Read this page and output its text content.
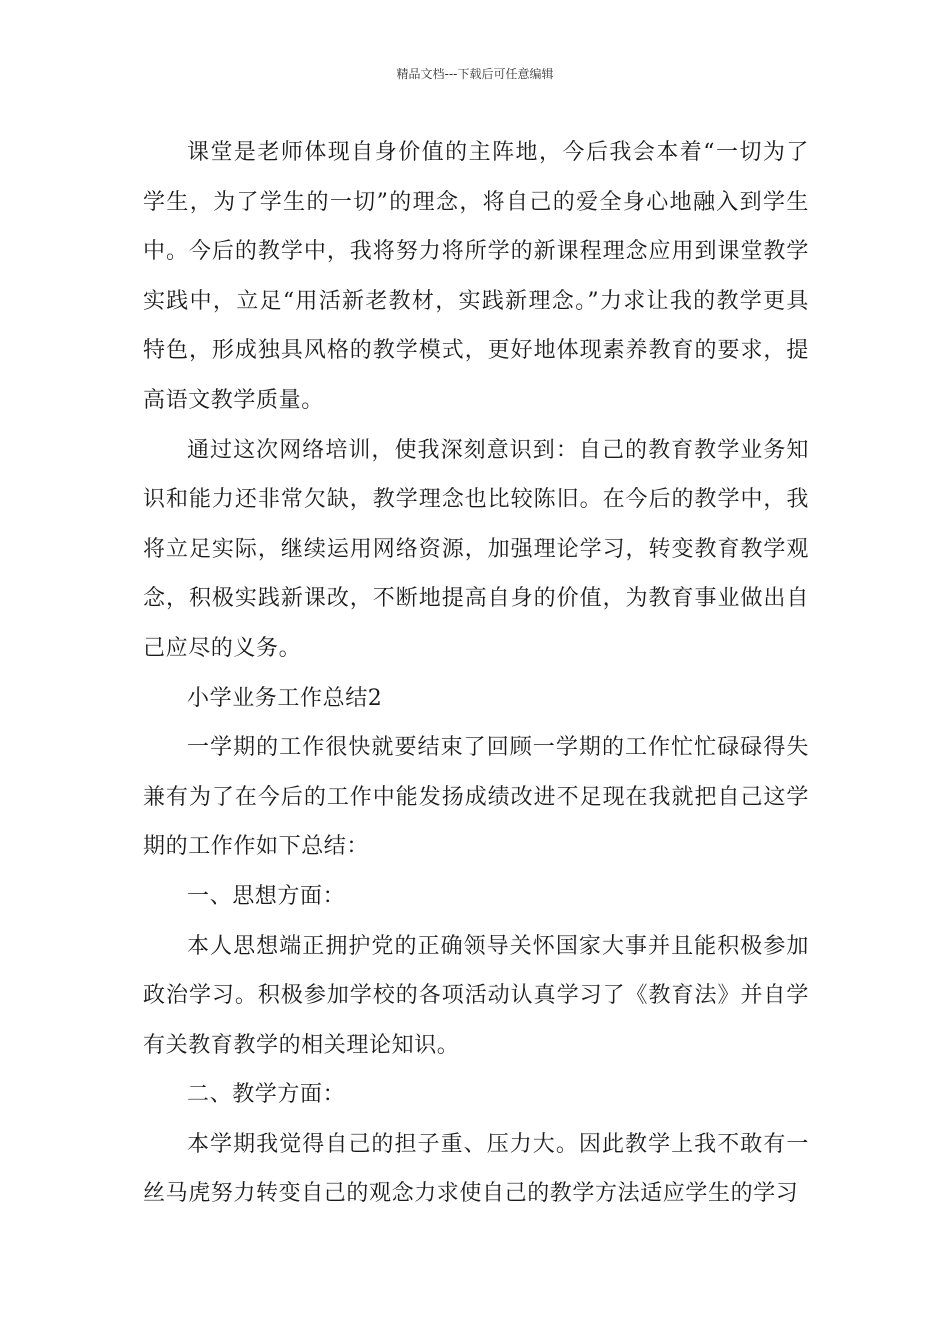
精品文档---下载后可任意编辑

课堂是老师体现自身价值的主阵地，今后我会本着“一切为了学生，为了学生的一切”的理念，将自己的爱全身心地融入到学生中。今后的教学中，我将努力将所学的新课程理念应用到课堂教学实践中，立足“用活新老教材，实践新理念。”力求让我的教学更具特色，形成独具风格的教学模式，更好地体现素养教育的要求，提高语文教学质量。

通过这次网络培训，使我深刻意识到：自己的教育教学业务知识和能力还非常欠缺，教学理念也比较陈旧。在今后的教学中，我将立足实际，继续运用网络资源，加强理论学习，转变教育教学观念，积极实践新课改，不断地提高自身的价值，为教育事业做出自己应尽的义务。

小学业务工作总结2

一学期的工作很快就要结束了回顾一学期的工作忙忙碌碌得失兼有为了在今后的工作中能发扬成绩改进不足现在我就把自己这学期的工作作如下总结：

一、思想方面：

本人思想端正拥护党的正确领导关怀国家大事并且能积极参加政治学习。积极参加学校的各项活动认真学习了《教育法》并自学有关教育教学的相关理论知识。

二、教学方面：

本学期我觉得自己的担子重、压力大。因此教学上我不敢有一丝马虎努力转变自己的观念力求使自己的教学方法适应学生的学习
